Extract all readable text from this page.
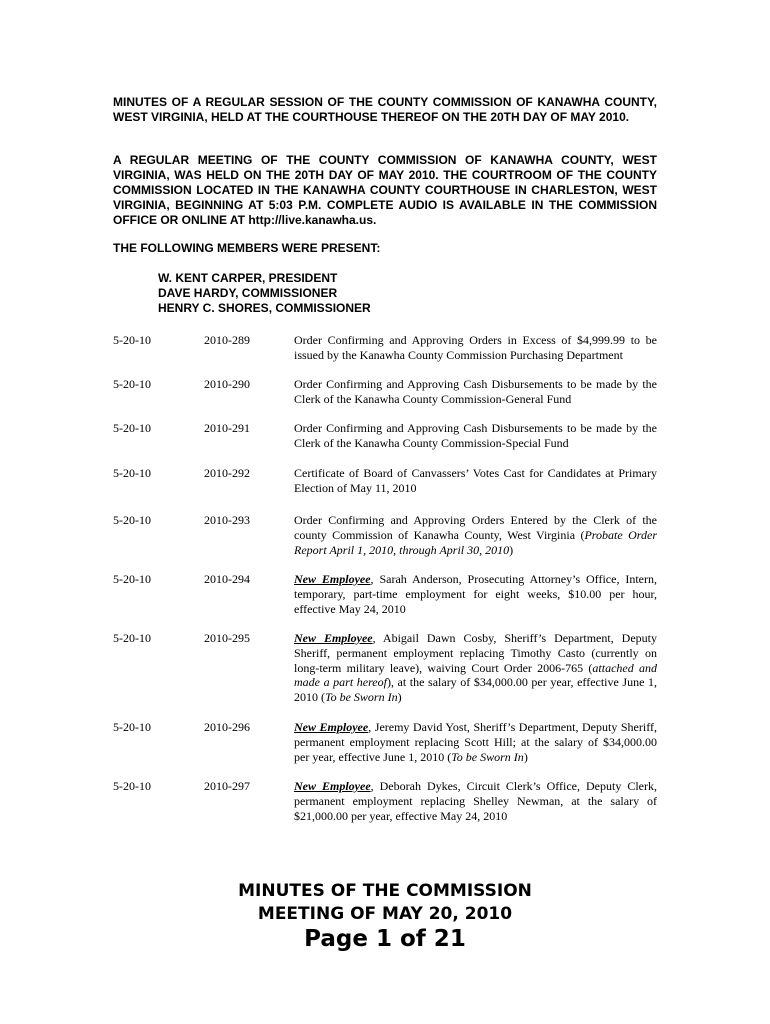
MINUTES OF A REGULAR SESSION OF THE COUNTY COMMISSION OF KANAWHA COUNTY, WEST VIRGINIA, HELD AT THE COURTHOUSE THEREOF ON THE 20TH DAY OF MAY 2010.

A REGULAR MEETING OF THE COUNTY COMMISSION OF KANAWHA COUNTY, WEST VIRGINIA, WAS HELD ON THE 20TH DAY OF MAY 2010. THE COURTROOM OF THE COUNTY COMMISSION LOCATED IN THE KANAWHA COUNTY COURTHOUSE IN CHARLESTON, WEST VIRGINIA, BEGINNING AT 5:03 P.M. COMPLETE AUDIO IS AVAILABLE IN THE COMMISSION OFFICE OR ONLINE AT http://live.kanawha.us.

THE FOLLOWING MEMBERS WERE PRESENT:

W. KENT CARPER, PRESIDENT
DAVE HARDY, COMMISSIONER
HENRY C. SHORES, COMMISSIONER
5-20-10	2010-289	Order Confirming and Approving Orders in Excess of $4,999.99 to be issued by the Kanawha County Commission Purchasing Department
5-20-10	2010-290	Order Confirming and Approving Cash Disbursements to be made by the Clerk of the Kanawha County Commission-General Fund
5-20-10	2010-291	Order Confirming and Approving Cash Disbursements to be made by the Clerk of the Kanawha County Commission-Special Fund
5-20-10	2010-292	Certificate of Board of Canvassers’ Votes Cast for Candidates at Primary Election of May 11, 2010
5-20-10	2010-293	Order Confirming and Approving Orders Entered by the Clerk of the county Commission of Kanawha County, West Virginia (Probate Order Report April 1, 2010, through April 30, 2010)
5-20-10	2010-294	New Employee, Sarah Anderson, Prosecuting Attorney’s Office, Intern, temporary, part-time employment for eight weeks, $10.00 per hour, effective May 24, 2010
5-20-10	2010-295	New Employee, Abigail Dawn Cosby, Sheriff’s Department, Deputy Sheriff, permanent employment replacing Timothy Casto (currently on long-term military leave), waiving Court Order 2006-765 (attached and made a part hereof), at the salary of $34,000.00 per year, effective June 1, 2010 (To be Sworn In)
5-20-10	2010-296	New Employee, Jeremy David Yost, Sheriff’s Department, Deputy Sheriff, permanent employment replacing Scott Hill; at the salary of $34,000.00 per year, effective June 1, 2010 (To be Sworn In)
5-20-10	2010-297	New Employee, Deborah Dykes, Circuit Clerk’s Office, Deputy Clerk, permanent employment replacing Shelley Newman, at the salary of $21,000.00 per year, effective May 24, 2010
MINUTES OF THE COMMISSION
MEETING OF MAY 20, 2010
Page 1 of 21
